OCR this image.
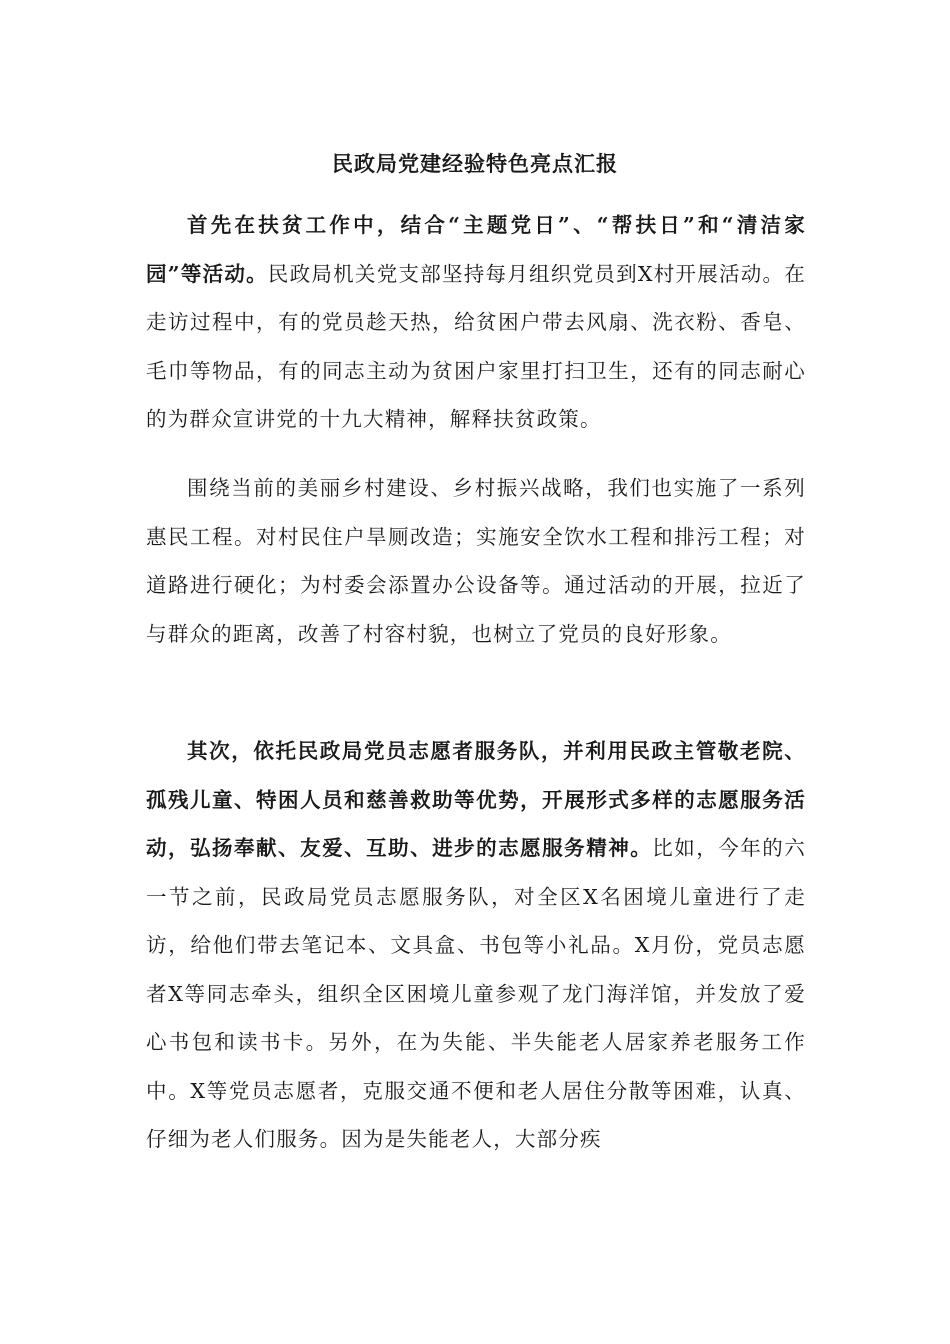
民政局党建经验特色亮点汇报

首先在扶贫工作中，结合“主题党日”、“帮扶日”和“清洁家园”等活动。民政局机关党支部坚持每月组织党员到X村开展活动。在走访过程中，有的党员趁天热，给贫困户带去风扇、洗衣粉、香皂、毛巾等物品，有的同志主动为贫困户家里打扫卫生，还有的同志耐心的为群众宣讲党的十九大精神，解释扶贫政策。

围绕当前的美丽乡村建设、乡村振兴战略，我们也实施了一系列惠民工程。对村民住户旱厕改造；实施安全饮水工程和排污工程；对道路进行硬化；为村委会添置办公设备等。通过活动的开展，拉近了与群众的距离，改善了村容村貌，也树立了党员的良好形象。

其次，依托民政局党员志愿者服务队，并利用民政主管敬老院、孤残儿童、特困人员和慈善救助等优势，开展形式多样的志愿服务活动，弘扬奉献、友爱、互助、进步的志愿服务精神。比如，今年的六一节之前，民政局党员志愿服务队，对全区X名困境儿童进行了走访，给他们带去笔记本、文具盒、书包等小礼品。X月份，党员志愿者X等同志牵头，组织全区困境儿童参观了龙门海洋馆，并发放了爱心书包和读书卡。另外，在为失能、半失能老人居家养老服务工作中。X等党员志愿者，克服交通不便和老人居住分散等困难，认真、仔细为老人们服务。因为是失能老人，大部分疾
